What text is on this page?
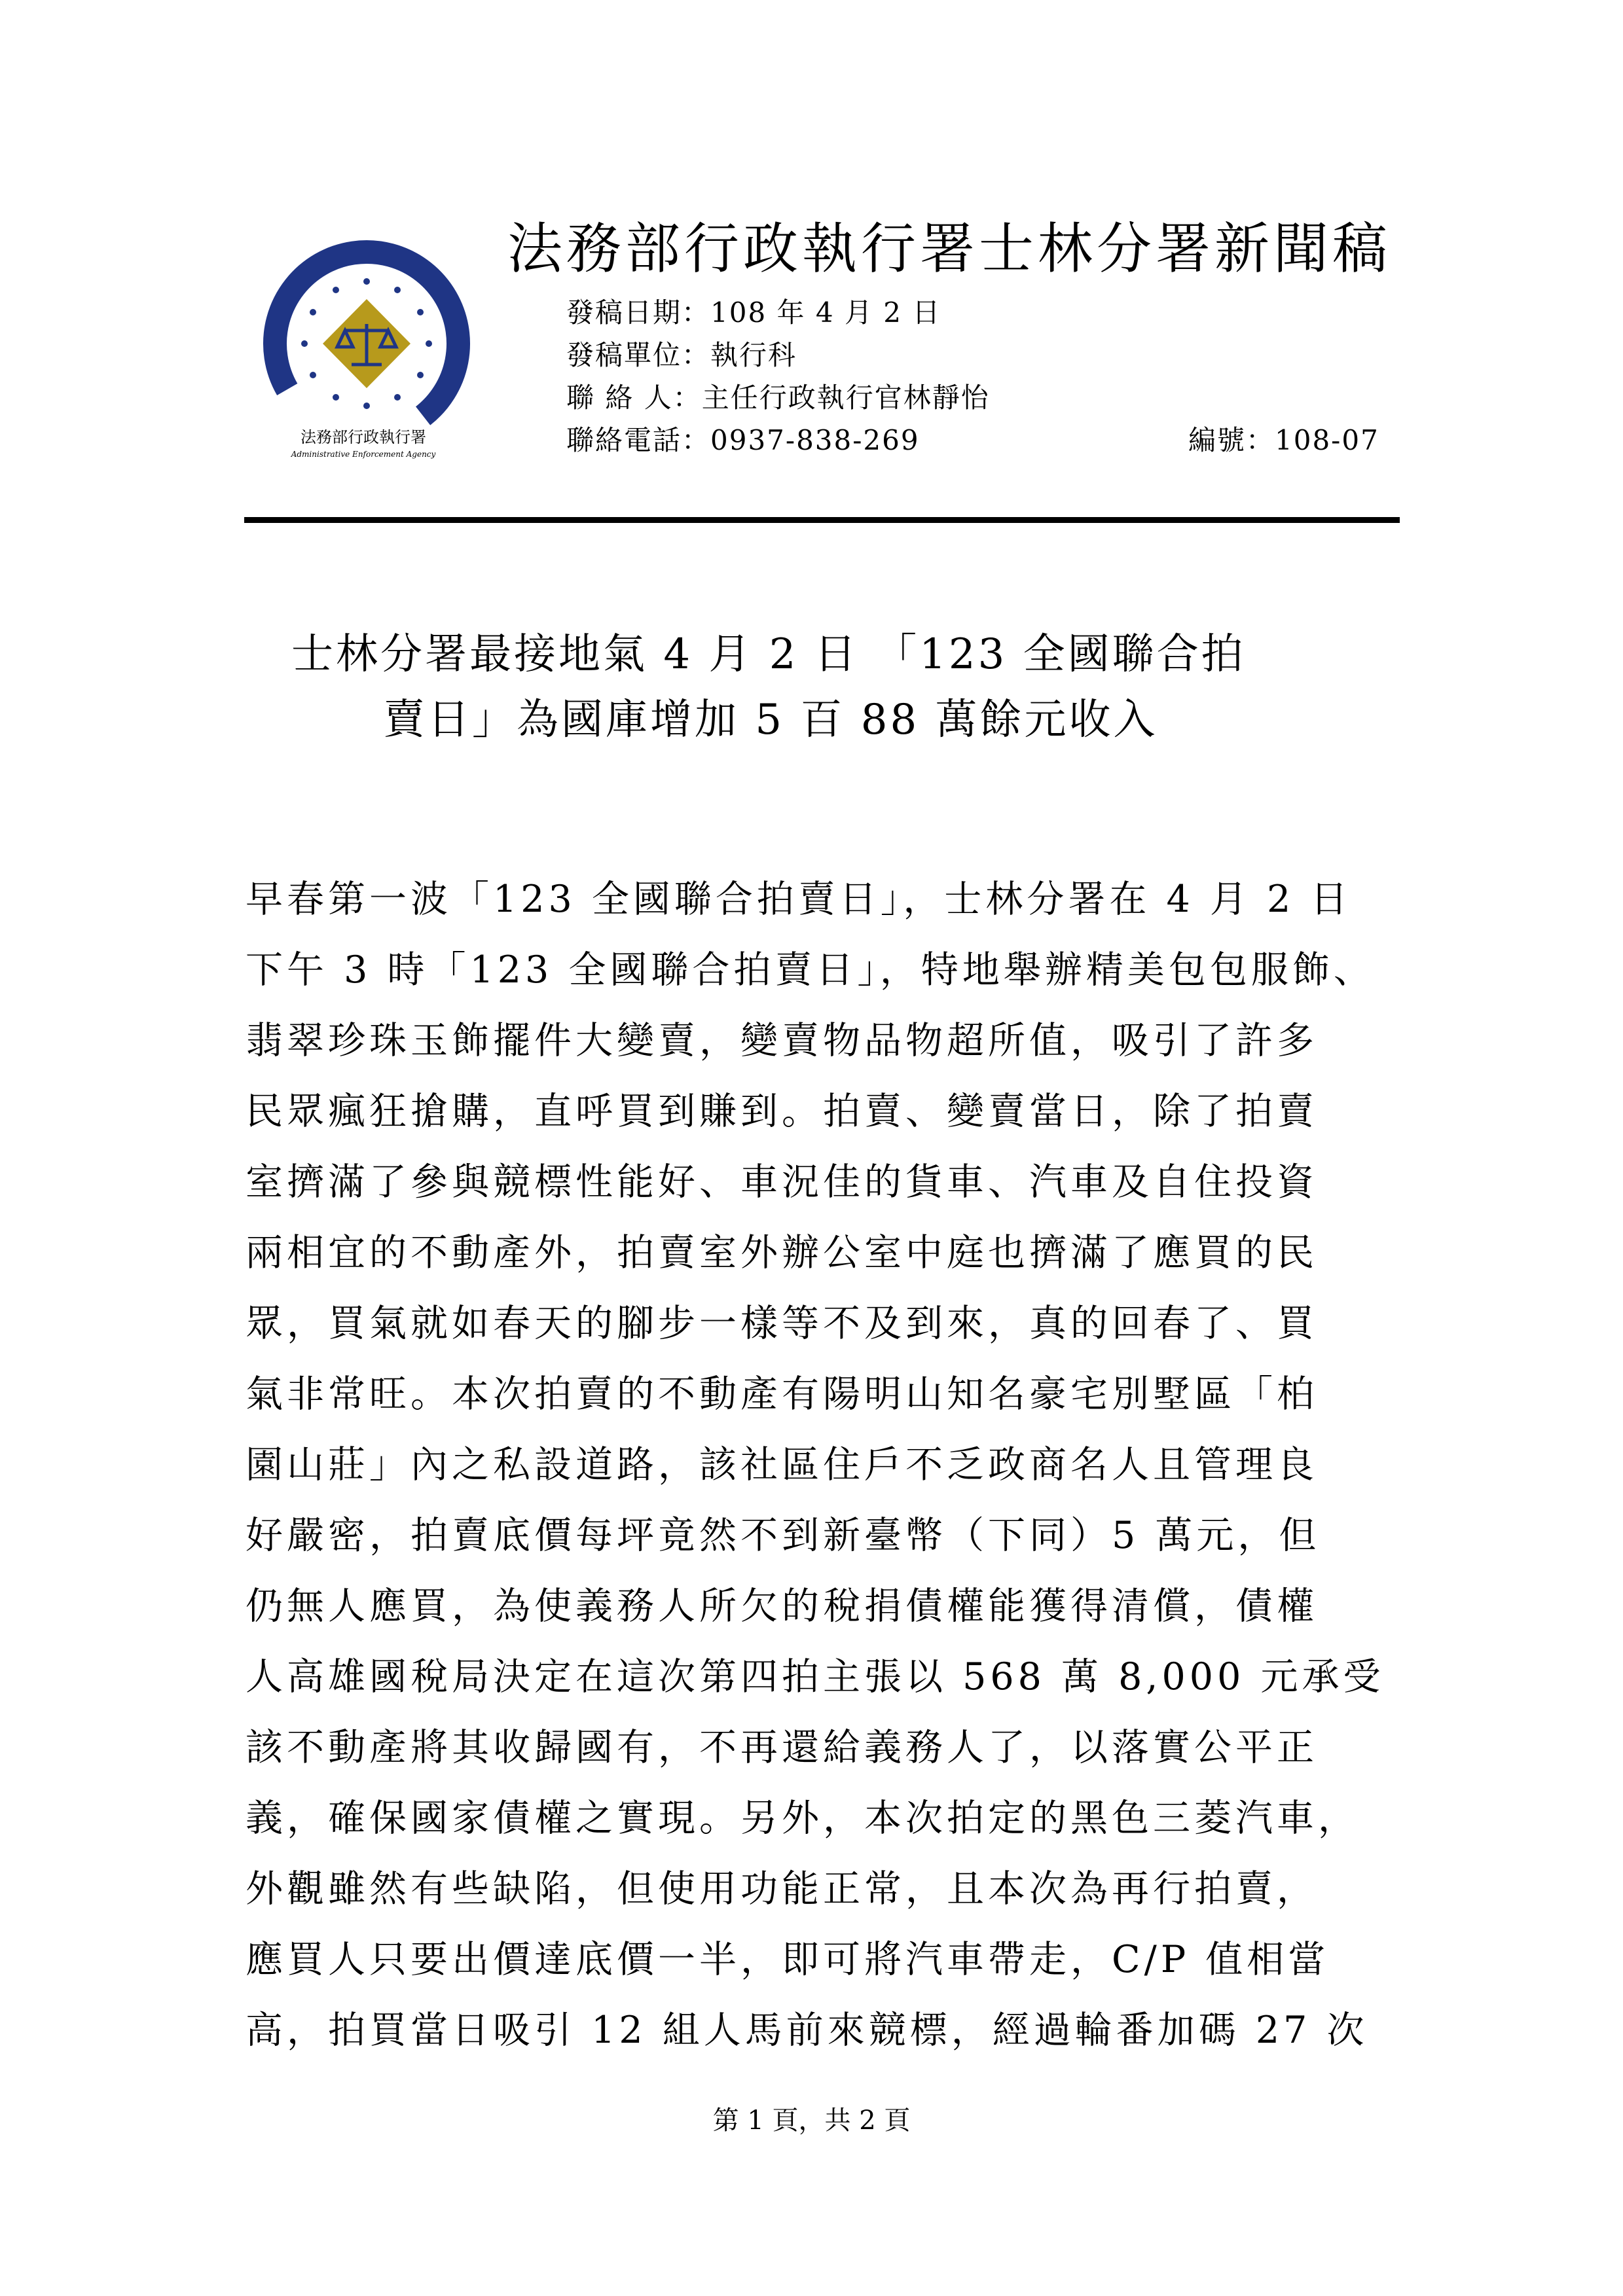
法務部行政執行署
Administrative Enforcement Agency
法務部行政執行署士林分署新聞稿
發稿日期：108 年 4 月 2 日
發稿單位：執行科
聯 絡 人：主任行政執行官林靜怡
聯絡電話：0937-838-269	編號：108-07
士林分署最接地氣 4 月 2 日 「123 全國聯合拍
賣日」為國庫增加 5 百 88 萬餘元收入
早春第一波「123 全國聯合拍賣日」，士林分署在 4 月 2 日
下午 3 時「123 全國聯合拍賣日」，特地舉辦精美包包服飾、
翡翠珍珠玉飾擺件大變賣，變賣物品物超所值，吸引了許多
民眾瘋狂搶購，直呼買到賺到。拍賣、變賣當日，除了拍賣
室擠滿了參與競標性能好、車況佳的貨車、汽車及自住投資
兩相宜的不動產外，拍賣室外辦公室中庭也擠滿了應買的民
眾，買氣就如春天的腳步一樣等不及到來，真的回春了、買
氣非常旺。本次拍賣的不動產有陽明山知名豪宅別墅區「柏
園山莊」內之私設道路，該社區住戶不乏政商名人且管理良
好嚴密，拍賣底價每坪竟然不到新臺幣（下同）5 萬元，但
仍無人應買，為使義務人所欠的稅捐債權能獲得清償，債權
人高雄國稅局決定在這次第四拍主張以 568 萬 8,000 元承受
該不動產將其收歸國有，不再還給義務人了，以落實公平正
義，確保國家債權之實現。另外，本次拍定的黑色三菱汽車，
外觀雖然有些缺陷，但使用功能正常，且本次為再行拍賣，
應買人只要出價達底價一半，即可將汽車帶走，C/P 值相當
高，拍買當日吸引 12 組人馬前來競標，經過輪番加碼 27 次
第 1 頁，共 2 頁
